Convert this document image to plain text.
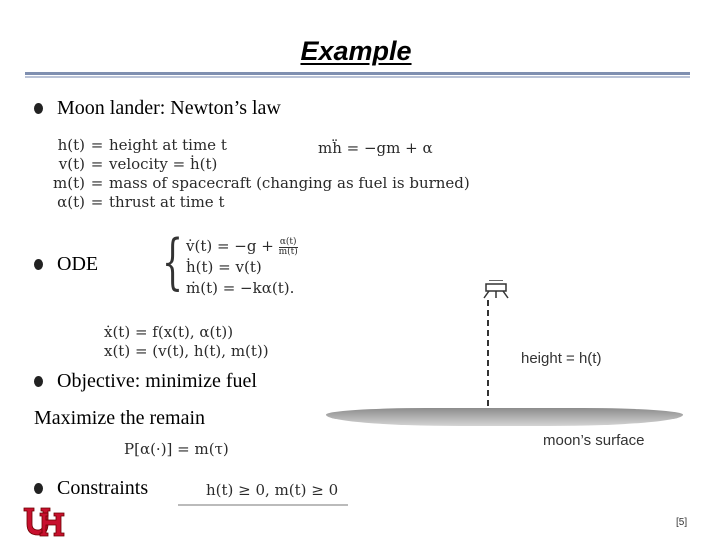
Example
Moon lander: Newton’s law
h(t) = height at time t
v(t) = velocity = ḣ(t)
m(t) = mass of spacecraft (changing as fuel is burned)
α(t) = thrust at time t
mḧ = −gm + α
ODE { v̇(t) = $-g + \frac{\alpha(t)}{m(t)}$
ḣ(t) = v(t)
ṁ(t) = −kα(t).
ẋ(t) = f(x(t), α(t))
x(t) = (v(t), h(t), m(t))	height = h(t)
moon’s surface
Objective: minimize fuel
Maximize the remain
P[α(·)] = m(τ)
Constraints	h(t) ≥ 0, m(t) ≥ 0
[5]
